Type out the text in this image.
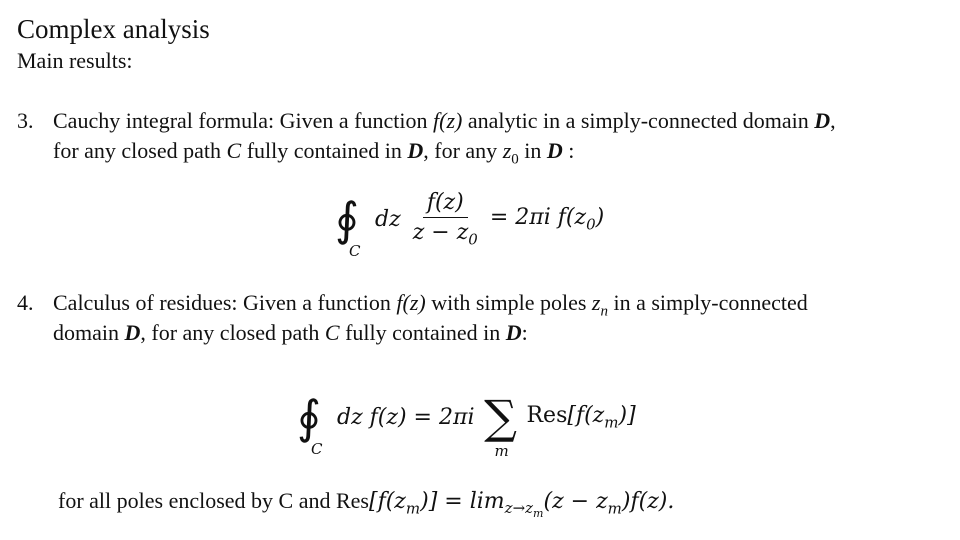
Complex analysis
Main results:
3. Cauchy integral formula: Given a function f(z) analytic in a simply-connected domain D,
for any closed path C fully contained in D, for any $z_0$ in D :
∮
C
dz $\frac{f(z)}{z - z_0} = 2\pi i$ $f(z_0)$
4. Calculus of residues: Given a function f(z) with simple poles $z_n$ in a simply-connected
domain D, for any closed path C fully contained in D:
∮
C
dz f(z) = 2πi ∑
m
$Res[f(z_m)]$
for all poles enclosed by C and $Res[f(z_m)] = \lim_{z\to z_m}(z - z_m)f(z)$.
